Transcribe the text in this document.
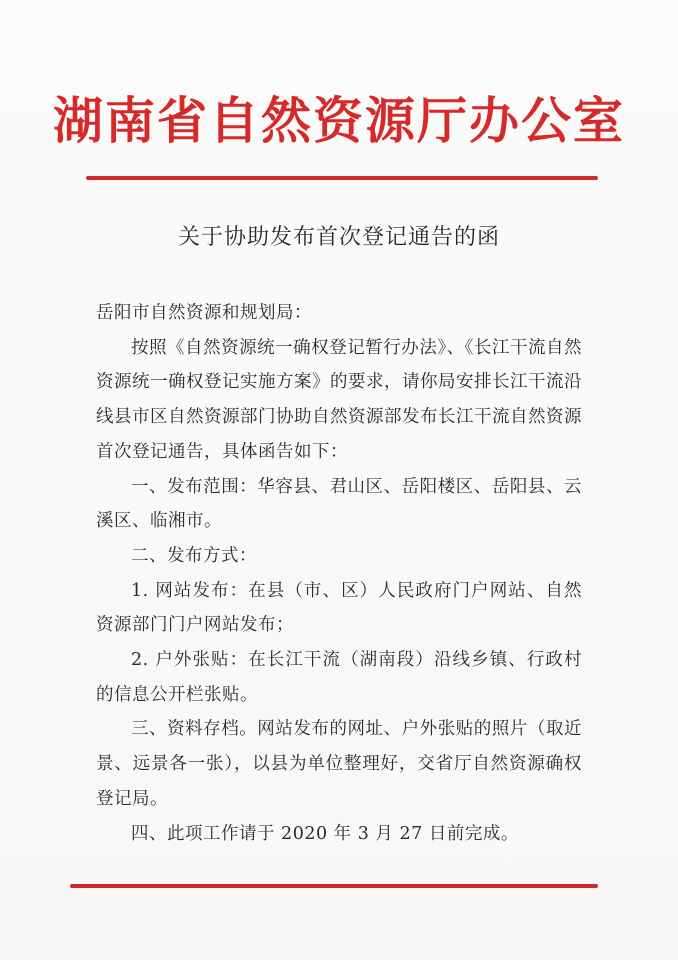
湖南省自然资源厅办公室
关于协助发布首次登记通告的函

岳阳市自然资源和规划局：

按照《自然资源统一确权登记暂行办法》、《长江干流自然资源统一确权登记实施方案》的要求，请你局安排长江干流沿线县市区自然资源部门协助自然资源部发布长江干流自然资源首次登记通告，具体函告如下：

一、发布范围：华容县、君山区、岳阳楼区、岳阳县、云溪区、临湘市。

二、发布方式：

1. 网站发布：在县（市、区）人民政府门户网站、自然资源部门门户网站发布；

2. 户外张贴：在长江干流（湖南段）沿线乡镇、行政村的信息公开栏张贴。

三、资料存档。网站发布的网址、户外张贴的照片（取近景、远景各一张），以县为单位整理好，交省厅自然资源确权登记局。

四、此项工作请于 2020 年 3 月 27 日前完成。
